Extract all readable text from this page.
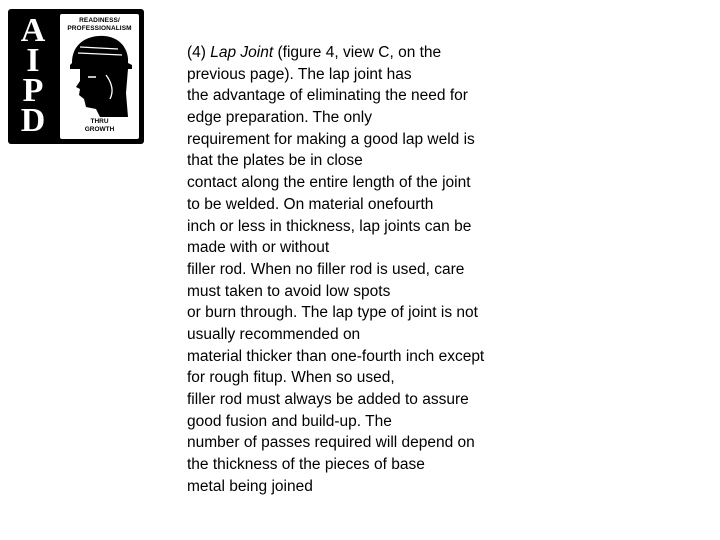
A
I
P
D
READINESS/
PROFESSIONALISM
THRU
GROWTH
(4) Lap Joint (figure 4, view C, on the
previous page). The lap joint has
the advantage of eliminating the need for
edge preparation. The only
requirement for making a good lap weld is
that the plates be in close
contact along the entire length of the joint
to be welded. On material onefourth
inch or less in thickness, lap joints can be
made with or without
filler rod. When no filler rod is used, care
must taken to avoid low spots
or burn through. The lap type of joint is not
usually recommended on
material thicker than one-fourth inch except
for rough fitup. When so used,
filler rod must always be added to assure
good fusion and build-up. The
number of passes required will depend on
the thickness of the pieces of base
metal being joined
